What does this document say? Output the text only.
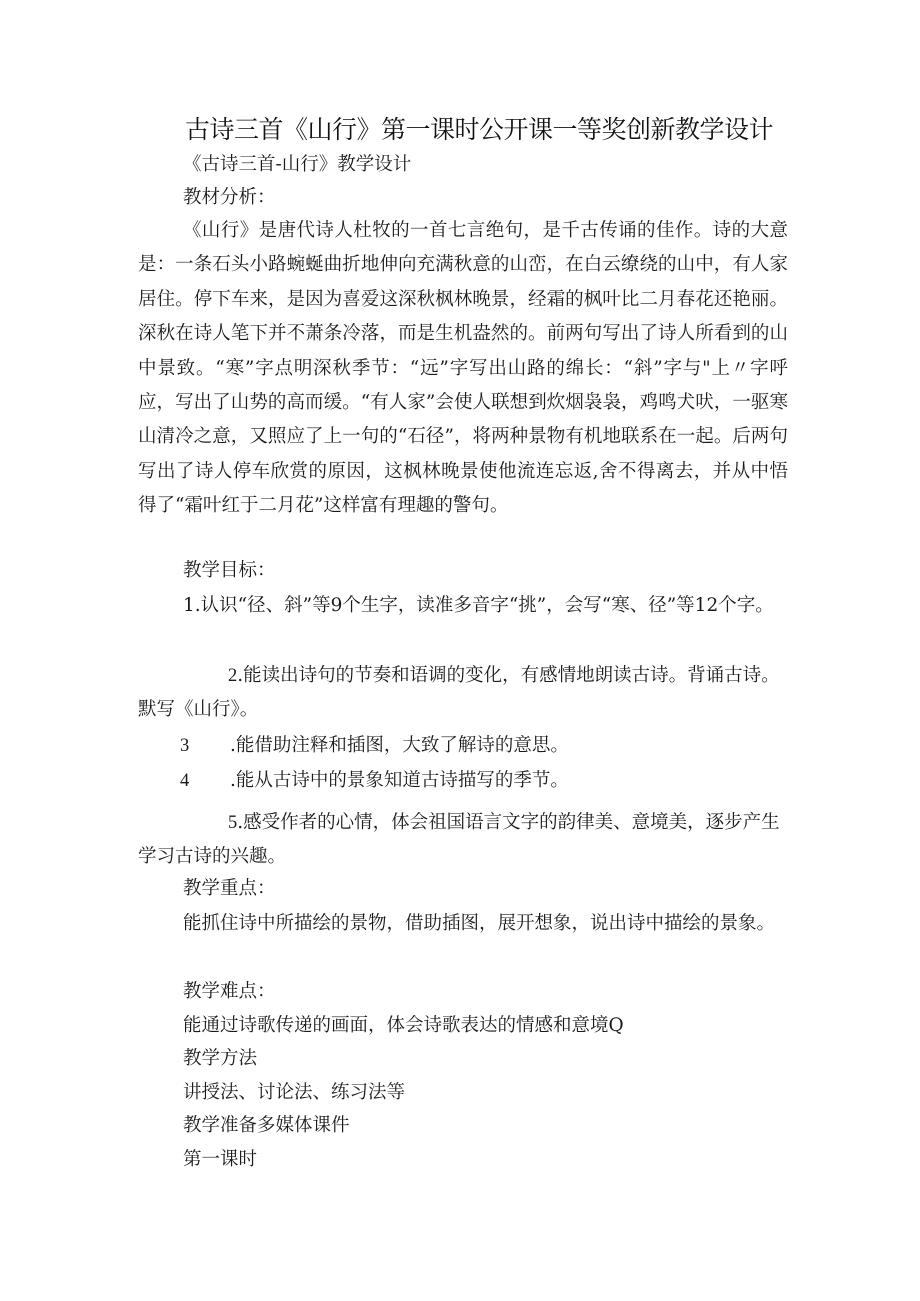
古诗三首《山行》第一课时公开课一等奖创新教学设计
《古诗三首-山行》教学设计
教材分析：
《山行》是唐代诗人杜牧的一首七言绝句，是千古传诵的佳作。诗的大意是：一条石头小路蜿蜒曲折地伸向充满秋意的山峦，在白云缭绕的山中，有人家居住。停下车来，是因为喜爱这深秋枫林晚景，经霜的枫叶比二月春花还艳丽。深秋在诗人笔下并不萧条冷落，而是生机盎然的。前两句写出了诗人所看到的山中景致。“寒”字点明深秋季节：“远”字写出山路的绵长：“斜”字与"上〃字呼应，写出了山势的高而缓。“有人家”会使人联想到炊烟袅袅，鸡鸣犬吠，一驱寒山清冷之意，又照应了上一句的“石径”，将两种景物有机地联系在一起。后两句写出了诗人停车欣赏的原因，这枫林晚景使他流连忘返,舍不得离去，并从中悟得了“霜叶红于二月花”这样富有理趣的警句。
教学目标：
1.认识“径、斜”等9个生字，读准多音字“挑”，会写“寒、径”等12个字。
2.能读出诗句的节奏和语调的变化，有感情地朗读古诗。背诵古诗。默写《山行》。
3 .能借助注释和插图，大致了解诗的意思。
4 .能从古诗中的景象知道古诗描写的季节。
5.感受作者的心情，体会祖国语言文字的韵律美、意境美，逐步产生学习古诗的兴趣。
教学重点：
能抓住诗中所描绘的景物，借助插图，展开想象，说出诗中描绘的景象。
教学难点：
能通过诗歌传递的画面，体会诗歌表达的情感和意境Q
教学方法
讲授法、讨论法、练习法等
教学准备多媒体课件
第一课时
